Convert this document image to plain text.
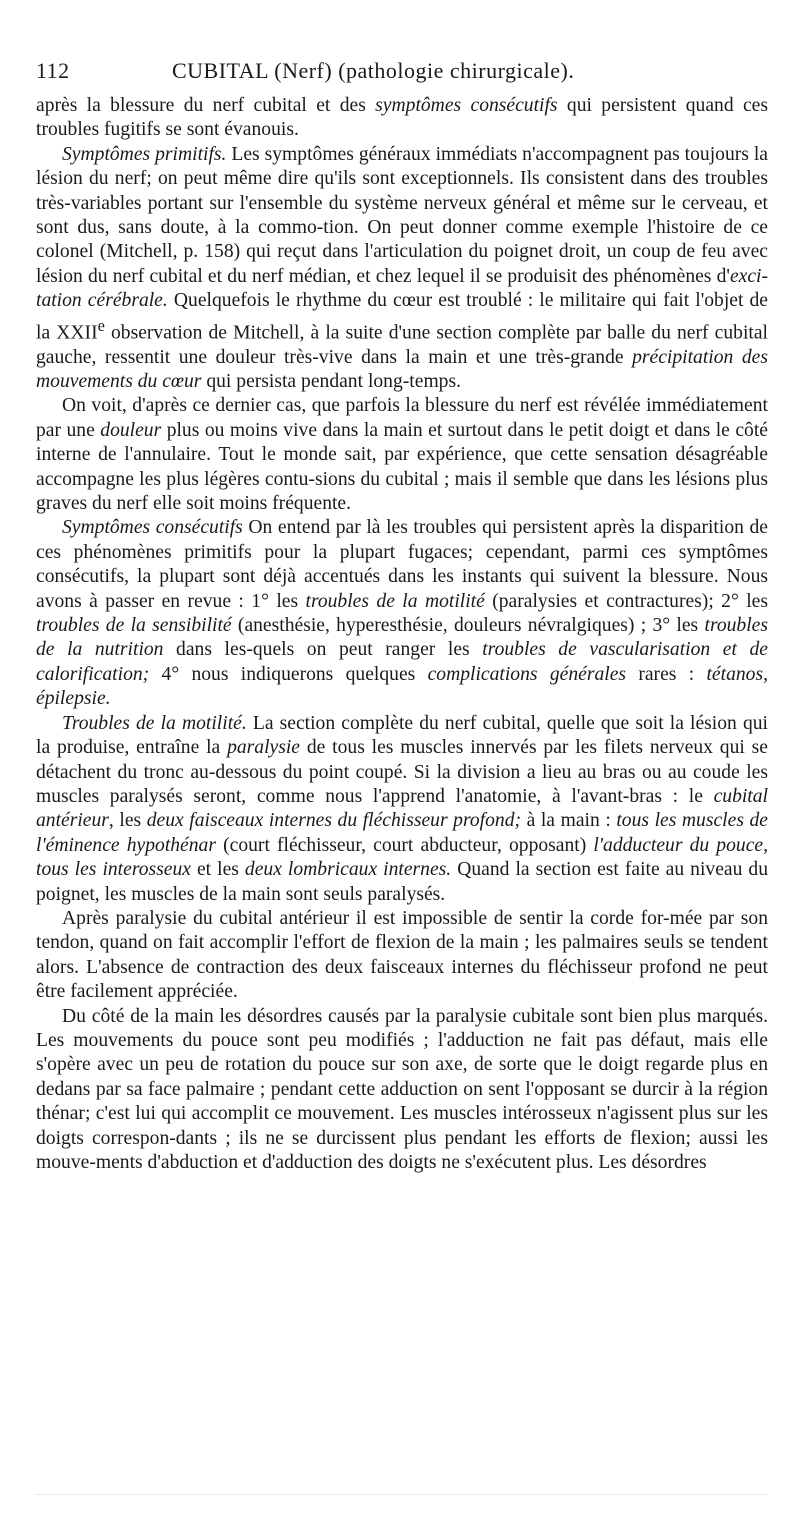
112	CUBITAL (Nerf) (pathologie chirurgicale).

après la blessure du nerf cubital et des symptômes consécutifs qui persistent quand ces troubles fugitifs se sont évanouis.

Symptômes primitifs. Les symptômes généraux immédiats n'accompagnent pas toujours la lésion du nerf; on peut même dire qu'ils sont exceptionnels. Ils consistent dans des troubles très-variables portant sur l'ensemble du système nerveux général et même sur le cerveau, et sont dus, sans doute, à la commo-tion. On peut donner comme exemple l'histoire de ce colonel (Mitchell, p. 158) qui reçut dans l'articulation du poignet droit, un coup de feu avec lésion du nerf cubital et du nerf médian, et chez lequel il se produisit des phénomènes d'exci-tation cérébrale. Quelquefois le rhythme du cœur est troublé : le militaire qui fait l'objet de la XXIIe observation de Mitchell, à la suite d'une section complète par balle du nerf cubital gauche, ressentit une douleur très-vive dans la main et une très-grande précipitation des mouvements du cœur qui persista pendant long-temps.

On voit, d'après ce dernier cas, que parfois la blessure du nerf est révélée immédiatement par une douleur plus ou moins vive dans la main et surtout dans le petit doigt et dans le côté interne de l'annulaire. Tout le monde sait, par expérience, que cette sensation désagréable accompagne les plus légères contu-sions du cubital ; mais il semble que dans les lésions plus graves du nerf elle soit moins fréquente.

Symptômes consécutifs On entend par là les troubles qui persistent après la disparition de ces phénomènes primitifs pour la plupart fugaces; cependant, parmi ces symptômes consécutifs, la plupart sont déjà accentués dans les instants qui suivent la blessure. Nous avons à passer en revue : 1° les troubles de la motilité (paralysies et contractures); 2° les troubles de la sensibilité (anesthésie, hyperesthésie, douleurs névralgiques) ; 3° les troubles de la nutrition dans les-quels on peut ranger les troubles de vascularisation et de calorification; 4° nous indiquerons quelques complications générales rares : tétanos, épilepsie.

Troubles de la motilité. La section complète du nerf cubital, quelle que soit la lésion qui la produise, entraîne la paralysie de tous les muscles innervés par les filets nerveux qui se détachent du tronc au-dessous du point coupé. Si la division a lieu au bras ou au coude les muscles paralysés seront, comme nous l'apprend l'anatomie, à l'avant-bras : le cubital antérieur, les deux faisceaux internes du fléchisseur profond; à la main : tous les muscles de l'éminence hypothénar (court fléchisseur, court abducteur, opposant) l'adducteur du pouce, tous les interosseux et les deux lombricaux internes. Quand la section est faite au niveau du poignet, les muscles de la main sont seuls paralysés.

Après paralysie du cubital antérieur il est impossible de sentir la corde for-mée par son tendon, quand on fait accomplir l'effort de flexion de la main ; les palmaires seuls se tendent alors. L'absence de contraction des deux faisceaux internes du fléchisseur profond ne peut être facilement appréciée.

Du côté de la main les désordres causés par la paralysie cubitale sont bien plus marqués. Les mouvements du pouce sont peu modifiés ; l'adduction ne fait pas défaut, mais elle s'opère avec un peu de rotation du pouce sur son axe, de sorte que le doigt regarde plus en dedans par sa face palmaire ; pendant cette adduction on sent l'opposant se durcir à la région thénar; c'est lui qui accomplit ce mouvement. Les muscles intérosseux n'agissent plus sur les doigts correspon-dants ; ils ne se durcissent plus pendant les efforts de flexion; aussi les mouve-ments d'abduction et d'adduction des doigts ne s'exécutent plus. Les désordres
